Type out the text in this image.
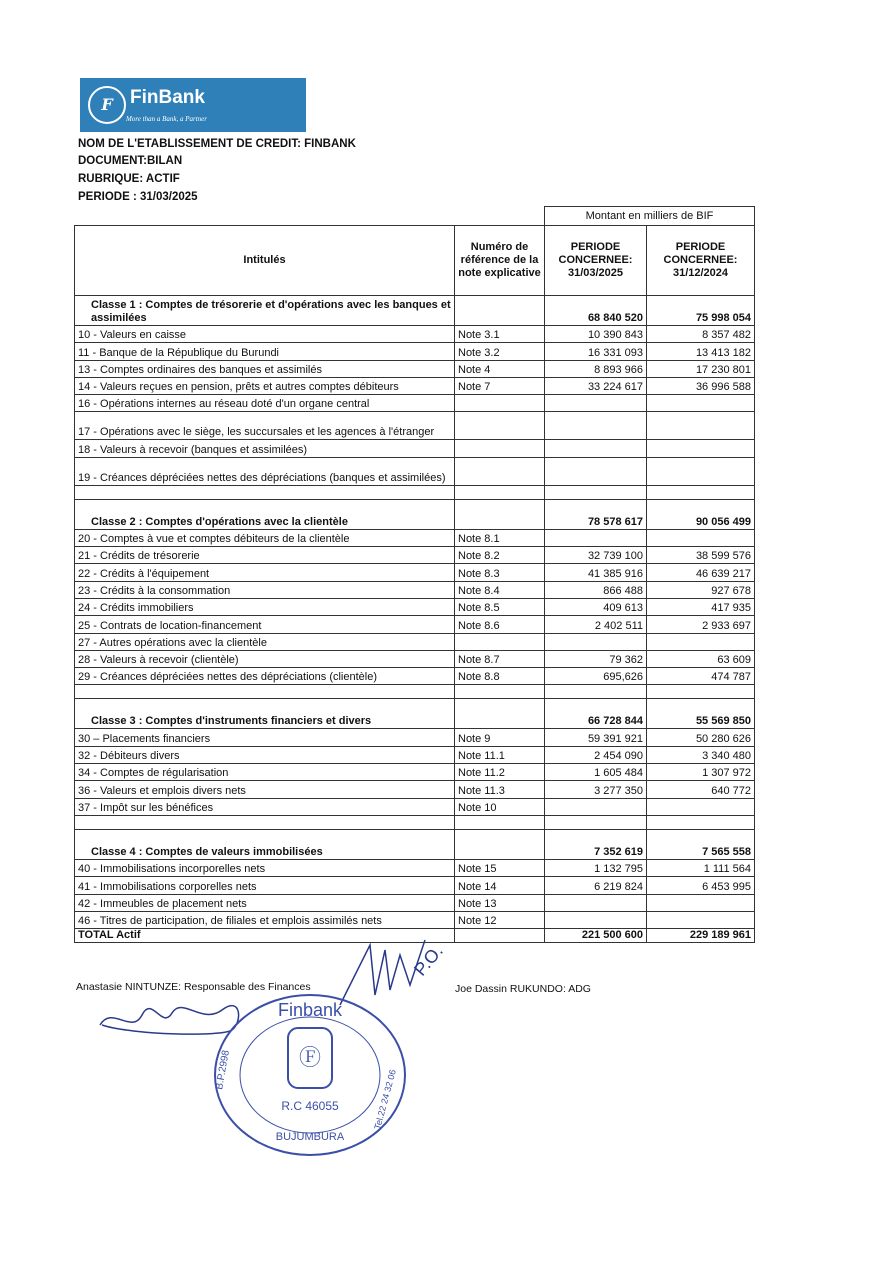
F FinBank
More than a Bank, a Partner
NOM DE L'ETABLISSEMENT DE CREDIT: FINBANK
DOCUMENT:BILAN
RUBRIQUE: ACTIF
PERIODE : 31/03/2025
		Montant en milliers de BIF	
Intitulés	Numéro de référence de la note explicative	PERIODE CONCERNEE: 31/03/2025	PERIODE CONCERNEE: 31/12/2024
Classe 1 : Comptes de trésorerie et d'opérations avec les banques et assimilées		68 840 520	75 998 054
10 - Valeurs en caisse	Note 3.1	10 390 843	8 357 482
11 - Banque de la République du Burundi	Note 3.2	16 331 093	13 413 182
13 - Comptes ordinaires des banques et assimilés	Note 4	8 893 966	17 230 801
14 - Valeurs reçues en pension, prêts et autres comptes débiteurs	Note 7	33 224 617	36 996 588
16 - Opérations internes au réseau doté d'un organe central			
17 - Opérations avec le siège, les succursales et les agences à l'étranger			
18 - Valeurs à recevoir (banques et assimilées)			
19 - Créances dépréciées nettes des dépréciations (banques et assimilées)			

Classe 2 : Comptes d'opérations avec la clientèle		78 578 617	90 056 499
20 - Comptes à vue et comptes débiteurs de la clientèle	Note 8.1		
21 - Crédits de trésorerie	Note 8.2	32 739 100	38 599 576
22 - Crédits à l'équipement	Note 8.3	41 385 916	46 639 217
23 - Crédits à la consommation	Note 8.4	866 488	927 678
24 - Crédits immobiliers	Note 8.5	409 613	417 935
25 - Contrats de location-financement	Note 8.6	2 402 511	2 933 697
27 - Autres opérations avec la clientèle			
28 - Valeurs à recevoir (clientèle)	Note 8.7	79 362	63 609
29 - Créances dépréciées nettes des dépréciations (clientèle)	Note 8.8	695,626	474 787

Classe 3 : Comptes d'instruments financiers et divers		66 728 844	55 569 850
30 – Placements financiers	Note 9	59 391 921	50 280 626
32 - Débiteurs divers	Note 11.1	2 454 090	3 340 480
34 - Comptes de régularisation	Note 11.2	1 605 484	1 307 972
36 - Valeurs et emplois divers nets	Note 11.3	3 277 350	640 772
37 - Impôt sur les bénéfices	Note 10		

Classe 4 : Comptes de valeurs immobilisées		7 352 619	7 565 558
40 - Immobilisations incorporelles nets	Note 15	1 132 795	1 111 564
41 - Immobilisations corporelles nets	Note 14	6 219 824	6 453 995
42 - Immeubles de placement nets	Note 13		
46 - Titres de participation, de filiales et emplois assimilés nets	Note 12		
TOTAL Actif		221 500 600	229 189 961
Anastasie NINTUNZE: Responsable des Finances	Joe Dassin RUKUNDO: ADG
P.O.
Ⓕ
Finbank
R.C 46055
BUJUMBURA
B.P.2998	Tel.22 24 32 06
